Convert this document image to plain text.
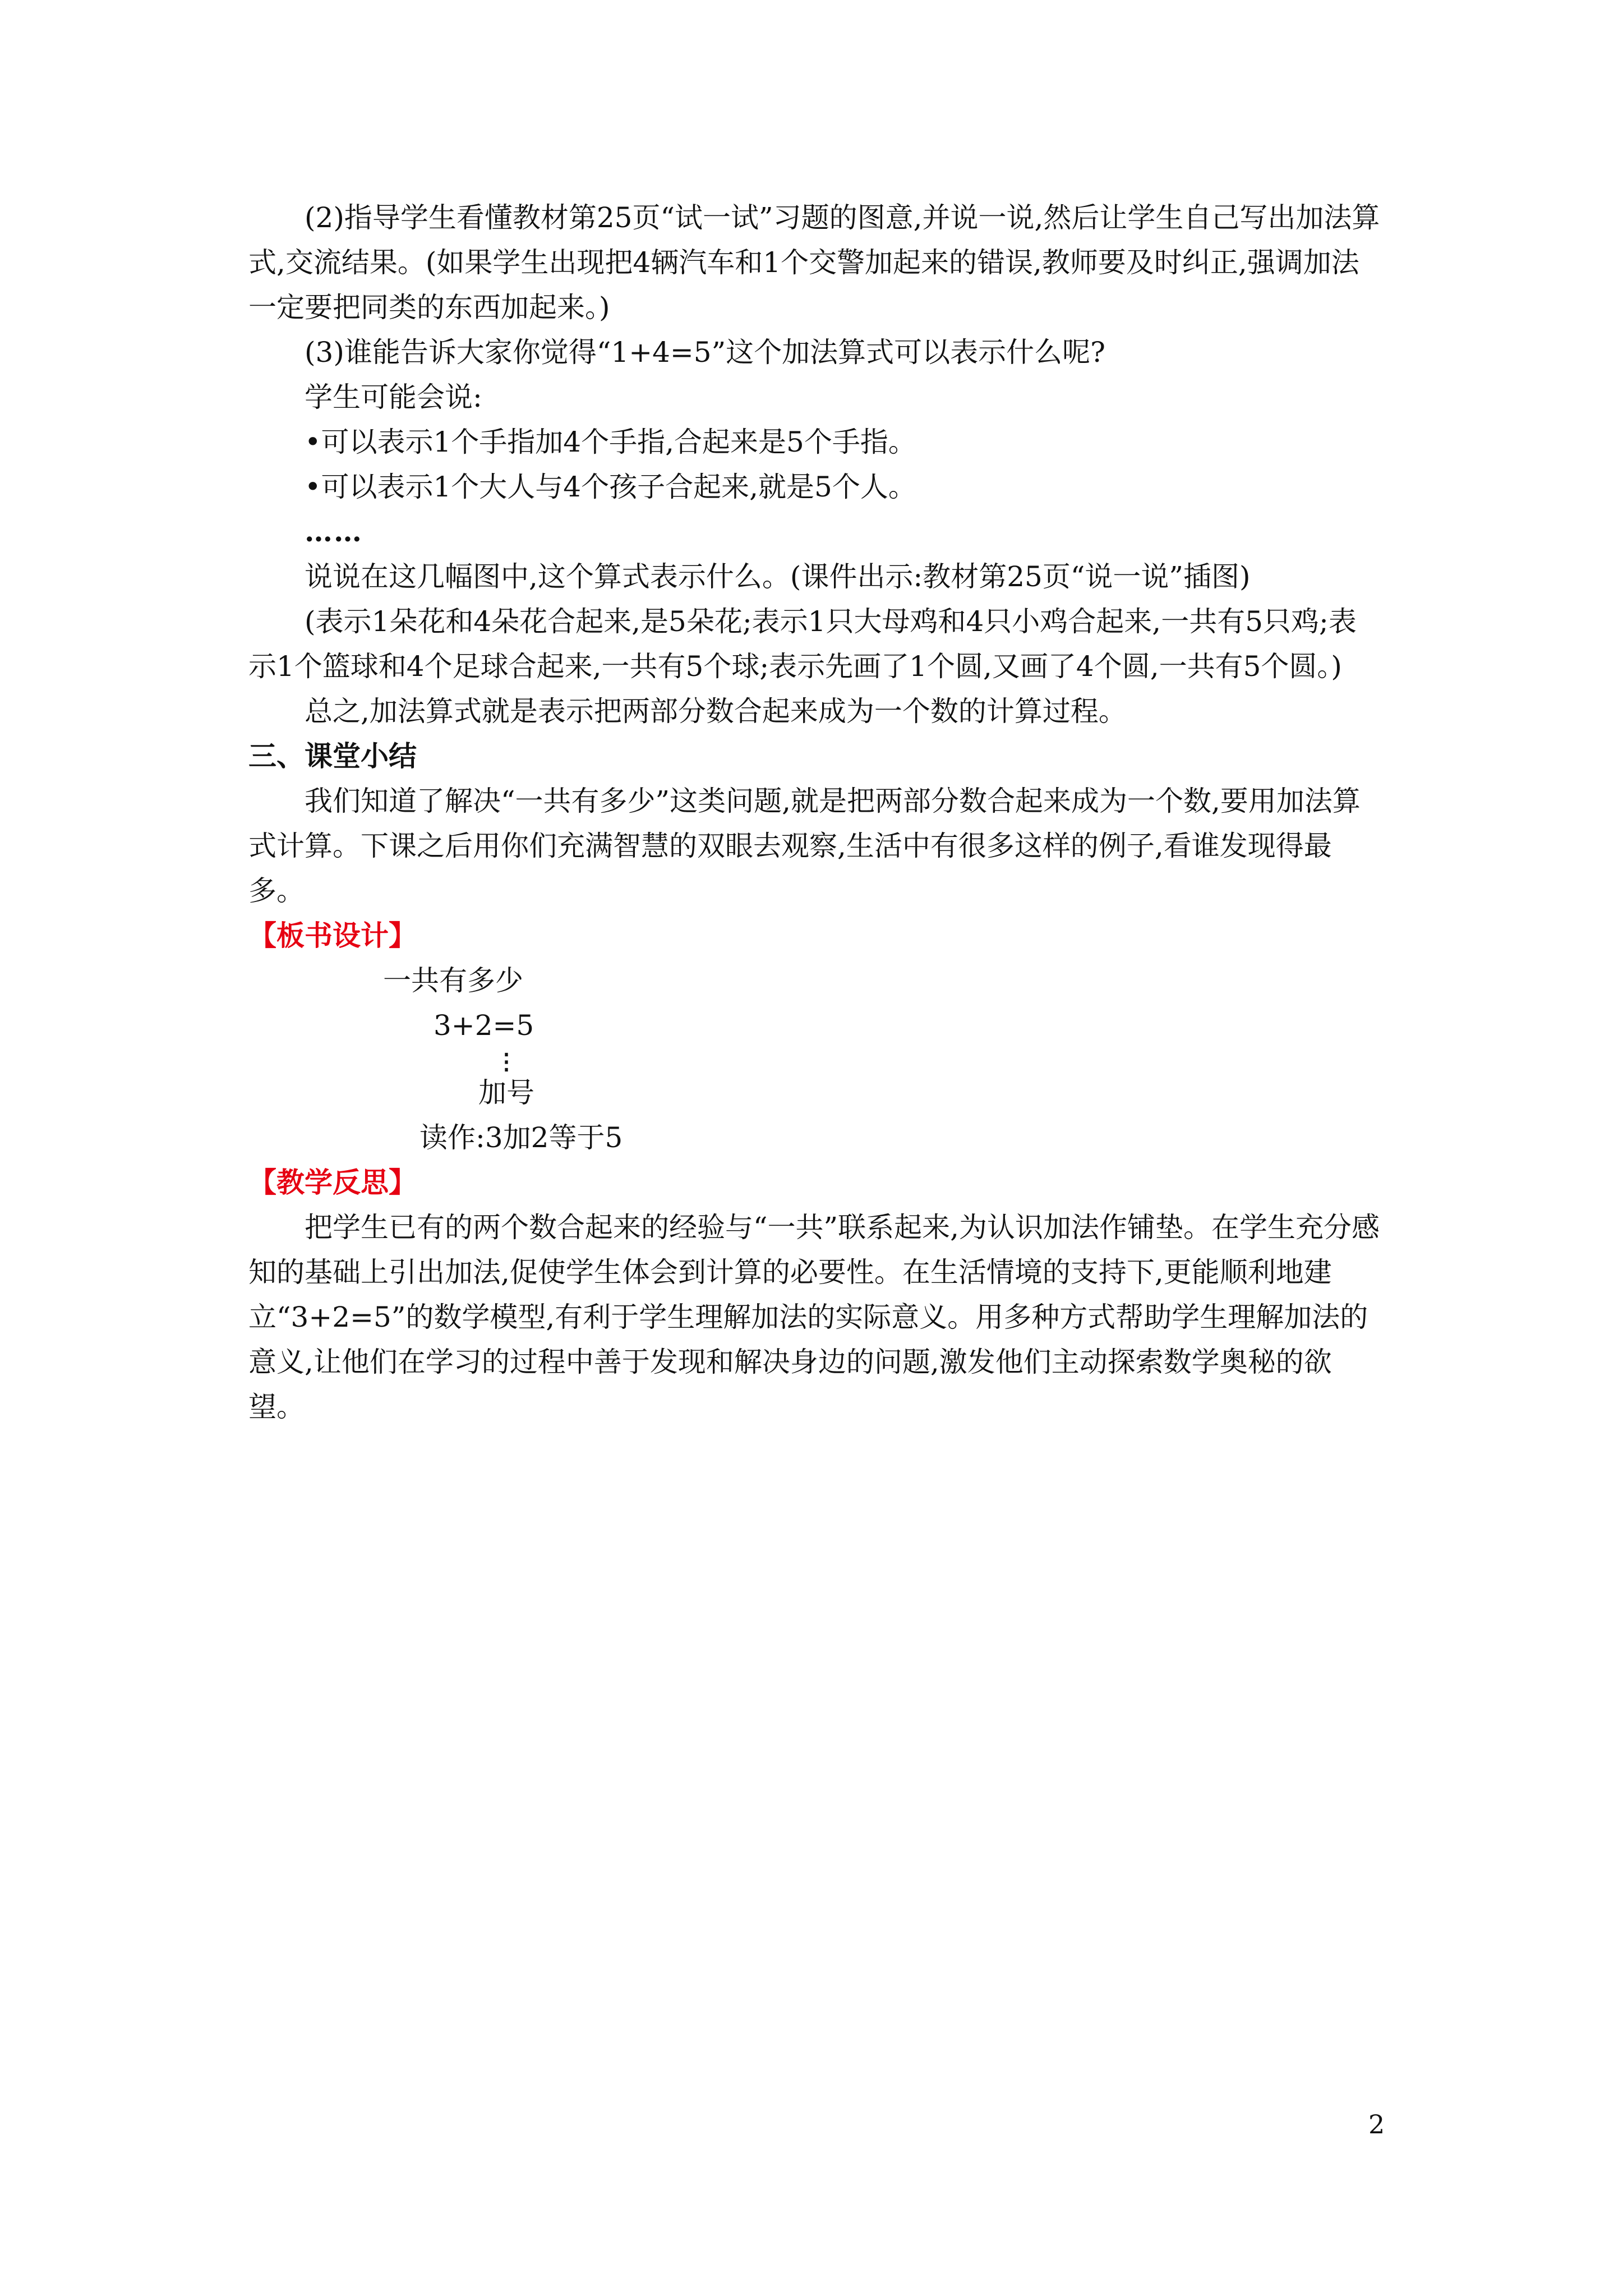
(2)指导学生看懂教材第25页“试一试”习题的图意,并说一说,然后让学生自己写出加法算式,交流结果。(如果学生出现把4辆汽车和1个交警加起来的错误,教师要及时纠正,强调加法一定要把同类的东西加起来。)

(3)谁能告诉大家你觉得“1+4=5”这个加法算式可以表示什么呢?

学生可能会说:

•可以表示1个手指加4个手指,合起来是5个手指。

•可以表示1个大人与4个孩子合起来,就是5个人。

……

说说在这几幅图中,这个算式表示什么。(课件出示:教材第25页“说一说”插图)

(表示1朵花和4朵花合起来,是5朵花;表示1只大母鸡和4只小鸡合起来,一共有5只鸡;表示1个篮球和4个足球合起来,一共有5个球;表示先画了1个圆,又画了4个圆,一共有5个圆。)

总之,加法算式就是表示把两部分数合起来成为一个数的计算过程。

三、课堂小结

我们知道了解决“一共有多少”这类问题,就是把两部分数合起来成为一个数,要用加法算式计算。下课之后用你们充满智慧的双眼去观察,生活中有很多这样的例子,看谁发现得最多。

【板书设计】

一共有多少

3+2=5

⋮

加号

读作:3加2等于5

【教学反思】

把学生已有的两个数合起来的经验与“一共”联系起来,为认识加法作铺垫。在学生充分感知的基础上引出加法,促使学生体会到计算的必要性。在生活情境的支持下,更能顺利地建立“3+2=5”的数学模型,有利于学生理解加法的实际意义。用多种方式帮助学生理解加法的意义,让他们在学习的过程中善于发现和解决身边的问题,激发他们主动探索数学奥秘的欲望。

2
